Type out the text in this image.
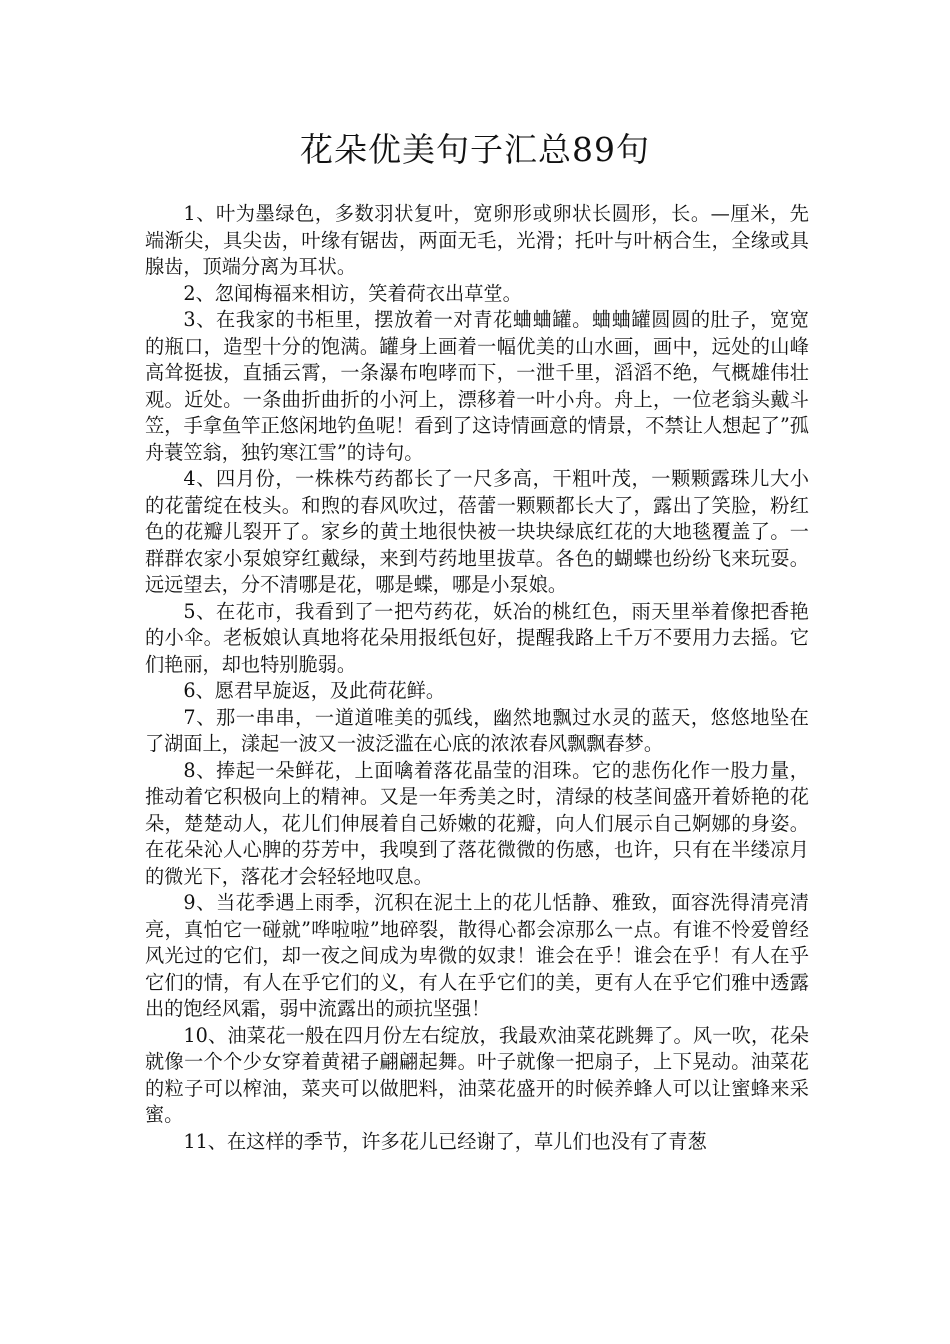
花朵优美句子汇总89句

1、叶为墨绿色，多数羽状复叶，宽卵形或卵状长圆形，长。—厘米，先端渐尖，具尖齿，叶缘有锯齿，两面无毛，光滑；托叶与叶柄合生，全缘或具腺齿，顶端分离为耳状。

2、忽闻梅福来相访，笑着荷衣出草堂。

3、在我家的书柜里，摆放着一对青花蛐蛐罐。蛐蛐罐圆圆的肚子，宽宽的瓶口，造型十分的饱满。罐身上画着一幅优美的山水画，画中，远处的山峰高耸挺拔，直插云霄，一条瀑布咆哮而下，一泄千里，滔滔不绝，气概雄伟壮观。近处。一条曲折曲折的小河上，漂移着一叶小舟。舟上，一位老翁头戴斗笠，手拿鱼竿正悠闲地钓鱼呢！看到了这诗情画意的情景，不禁让人想起了”孤舟蓑笠翁，独钓寒江雪”的诗句。

4、四月份，一株株芍药都长了一尺多高，干粗叶茂，一颗颗露珠儿大小的花蕾绽在枝头。和煦的春风吹过，蓓蕾一颗颗都长大了，露出了笑脸，粉红色的花瓣儿裂开了。家乡的黄土地很快被一块块绿底红花的大地毯覆盖了。一群群农家小泵娘穿红戴绿，来到芍药地里拔草。各色的蝴蝶也纷纷飞来玩耍。远远望去，分不清哪是花，哪是蝶，哪是小泵娘。

5、在花市，我看到了一把芍药花，妖冶的桃红色，雨天里举着像把香艳的小伞。老板娘认真地将花朵用报纸包好，提醒我路上千万不要用力去摇。它们艳丽，却也特别脆弱。

6、愿君早旋返，及此荷花鲜。

7、那一串串，一道道唯美的弧线，幽然地飘过水灵的蓝天，悠悠地坠在了湖面上，漾起一波又一波泛滥在心底的浓浓春风飘飘春梦。

8、捧起一朵鲜花，上面噙着落花晶莹的泪珠。它的悲伤化作一股力量，推动着它积极向上的精神。又是一年秀美之时，清绿的枝茎间盛开着娇艳的花朵，楚楚动人，花儿们伸展着自己娇嫩的花瓣，向人们展示自己婀娜的身姿。在花朵沁人心脾的芬芳中，我嗅到了落花微微的伤感，也许，只有在半缕凉月的微光下，落花才会轻轻地叹息。

9、当花季遇上雨季，沉积在泥土上的花儿恬静、雅致，面容洗得清亮清亮，真怕它一碰就”哗啦啦”地碎裂，散得心都会凉那么一点。有谁不怜爱曾经风光过的它们，却一夜之间成为卑微的奴隶！谁会在乎！谁会在乎！有人在乎它们的情，有人在乎它们的义，有人在乎它们的美，更有人在乎它们雅中透露出的饱经风霜，弱中流露出的顽抗坚强！

10、油菜花一般在四月份左右绽放，我最欢油菜花跳舞了。风一吹，花朵就像一个个少女穿着黄裙子翩翩起舞。叶子就像一把扇子，上下晃动。油菜花的粒子可以榨油，菜夹可以做肥料，油菜花盛开的时候养蜂人可以让蜜蜂来采蜜。

11、在这样的季节，许多花儿已经谢了，草儿们也没有了青葱
